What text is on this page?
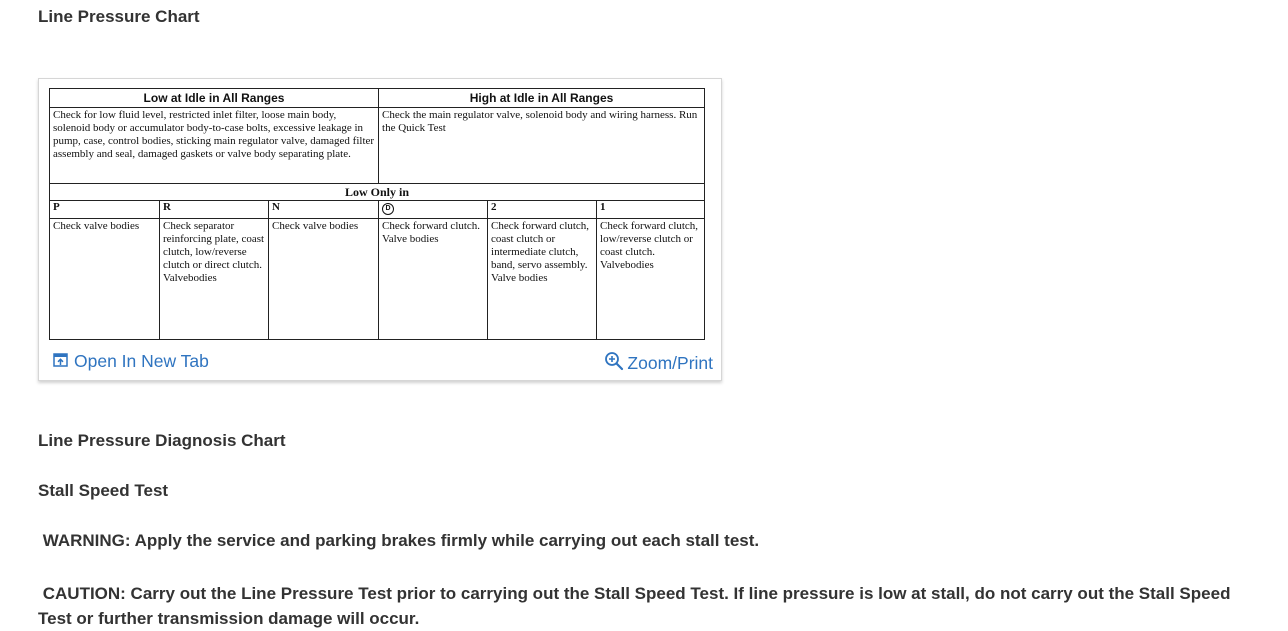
Line Pressure Chart
Low at Idle in All Ranges			High at Idle in All Ranges		
Check for low fluid level, restricted inlet filter, loose main body, solenoid body or accumulator body-to-case bolts, excessive leakage in pump, case, control bodies, sticking main regulator valve, damaged filter assembly and seal, damaged gaskets or valve body separating plate.			Check the main regulator valve, solenoid body and wiring harness. Run the Quick Test		
Low Only in					
P	R	N	D	2	1
Check valve bodies	Check separator reinforcing plate, coast clutch, low/reverse clutch or direct clutch. Valvebodies	Check valve bodies	Check forward clutch. Valve bodies	Check forward clutch, coast clutch or intermediate clutch, band, servo assembly. Valve bodies	Check forward clutch, low/reverse clutch or coast clutch. Valvebodies
Open In New Tab	Zoom/Print
Line Pressure Diagnosis Chart
Stall Speed Test
WARNING: Apply the service and parking brakes firmly while carrying out each stall test.
CAUTION: Carry out the Line Pressure Test prior to carrying out the Stall Speed Test. If line pressure is low at stall, do not carry out the Stall Speed Test or further transmission damage will occur.
